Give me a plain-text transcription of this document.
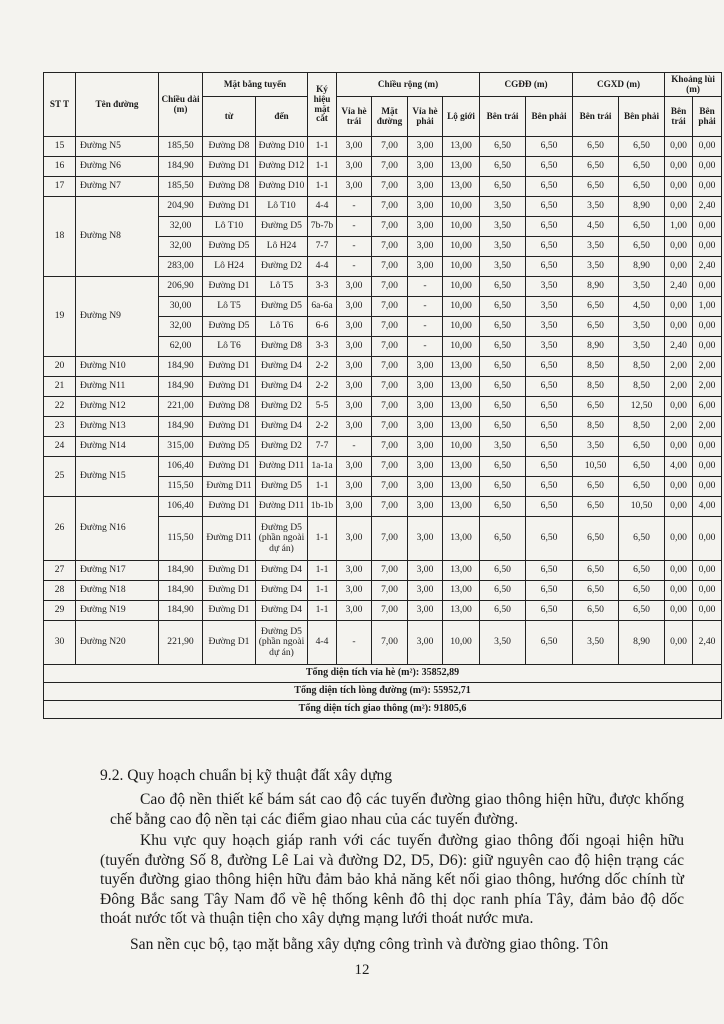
ST T	Tên đường	Chiều dài (m)	Mặt bằng tuyến		Ký hiệu mặt cắt	Chiều rộng (m)				CGĐĐ (m)		CGXD (m)		Khoảng lùi (m)	
			từ	đến		Vỉa hè trái	Mặt đường	Vỉa hè phải	Lộ giới	Bên trái	Bên phải	Bên trái	Bên phải	Bên trái	Bên phải
15	Đường N5	185,50	Đường D8	Đường D10	1-1	3,00	7,00	3,00	13,00	6,50	6,50	6,50	6,50	0,00	0,00
16	Đường N6	184,90	Đường D1	Đường D12	1-1	3,00	7,00	3,00	13,00	6,50	6,50	6,50	6,50	0,00	0,00
17	Đường N7	185,50	Đường D8	Đường D10	1-1	3,00	7,00	3,00	13,00	6,50	6,50	6,50	6,50	0,00	0,00
18	Đường N8	204,90	Đường D1	Lô T10	4-4	-	7,00	3,00	10,00	3,50	6,50	3,50	8,90	0,00	2,40
		32,00	Lô T10	Đường D5	7b-7b	-	7,00	3,00	10,00	3,50	6,50	4,50	6,50	1,00	0,00
		32,00	Đường D5	Lô H24	7-7	-	7,00	3,00	10,00	3,50	6,50	3,50	6,50	0,00	0,00
		283,00	Lô H24	Đường D2	4-4	-	7,00	3,00	10,00	3,50	6,50	3,50	8,90	0,00	2,40
19	Đường N9	206,90	Đường D1	Lô T5	3-3	3,00	7,00	-	10,00	6,50	3,50	8,90	3,50	2,40	0,00
		30,00	Lô T5	Đường D5	6a-6a	3,00	7,00	-	10,00	6,50	3,50	6,50	4,50	0,00	1,00
		32,00	Đường D5	Lô T6	6-6	3,00	7,00	-	10,00	6,50	3,50	6,50	3,50	0,00	0,00
		62,00	Lô T6	Đường D8	3-3	3,00	7,00	-	10,00	6,50	3,50	8,90	3,50	2,40	0,00
20	Đường N10	184,90	Đường D1	Đường D4	2-2	3,00	7,00	3,00	13,00	6,50	6,50	8,50	8,50	2,00	2,00
21	Đường N11	184,90	Đường D1	Đường D4	2-2	3,00	7,00	3,00	13,00	6,50	6,50	8,50	8,50	2,00	2,00
22	Đường N12	221,00	Đường D8	Đường D2	5-5	3,00	7,00	3,00	13,00	6,50	6,50	6,50	12,50	0,00	6,00
23	Đường N13	184,90	Đường D1	Đường D4	2-2	3,00	7,00	3,00	13,00	6,50	6,50	8,50	8,50	2,00	2,00
24	Đường N14	315,00	Đường D5	Đường D2	7-7	-	7,00	3,00	10,00	3,50	6,50	3,50	6,50	0,00	0,00
25	Đường N15	106,40	Đường D1	Đường D11	1a-1a	3,00	7,00	3,00	13,00	6,50	6,50	10,50	6,50	4,00	0,00
		115,50	Đường D11	Đường D5	1-1	3,00	7,00	3,00	13,00	6,50	6,50	6,50	6,50	0,00	0,00
26	Đường N16	106,40	Đường D1	Đường D11	1b-1b	3,00	7,00	3,00	13,00	6,50	6,50	6,50	10,50	0,00	4,00
		115,50	Đường D11	Đường D5 (phần ngoài dự án)	1-1	3,00	7,00	3,00	13,00	6,50	6,50	6,50	6,50	0,00	0,00
27	Đường N17	184,90	Đường D1	Đường D4	1-1	3,00	7,00	3,00	13,00	6,50	6,50	6,50	6,50	0,00	0,00
28	Đường N18	184,90	Đường D1	Đường D4	1-1	3,00	7,00	3,00	13,00	6,50	6,50	6,50	6,50	0,00	0,00
29	Đường N19	184,90	Đường D1	Đường D4	1-1	3,00	7,00	3,00	13,00	6,50	6,50	6,50	6,50	0,00	0,00
30	Đường N20	221,90	Đường D1	Đường D5 (phần ngoài dự án)	4-4	-	7,00	3,00	10,00	3,50	6,50	3,50	8,90	0,00	2,40
Tổng diện tích vỉa hè (m²): 35852,89															
Tổng diện tích lòng đường (m²): 55952,71															
Tổng diện tích giao thông (m²): 91805,6															

9.2. Quy hoạch chuẩn bị kỹ thuật đất xây dựng

Cao độ nền thiết kế bám sát cao độ các tuyến đường giao thông hiện hữu, được khống chế bằng cao độ nền tại các điểm giao nhau của các tuyến đường.

Khu vực quy hoạch giáp ranh với các tuyến đường giao thông đối ngoại hiện hữu (tuyến đường Số 8, đường Lê Lai và đường D2, D5, D6): giữ nguyên cao độ hiện trạng các tuyến đường giao thông hiện hữu đảm bảo khả năng kết nối giao thông, hướng dốc chính từ Đông Bắc sang Tây Nam đổ về hệ thống kênh đô thị dọc ranh phía Tây, đảm bảo độ dốc thoát nước tốt và thuận tiện cho xây dựng mạng lưới thoát nước mưa.

San nền cục bộ, tạo mặt bằng xây dựng công trình và đường giao thông. Tôn

12
